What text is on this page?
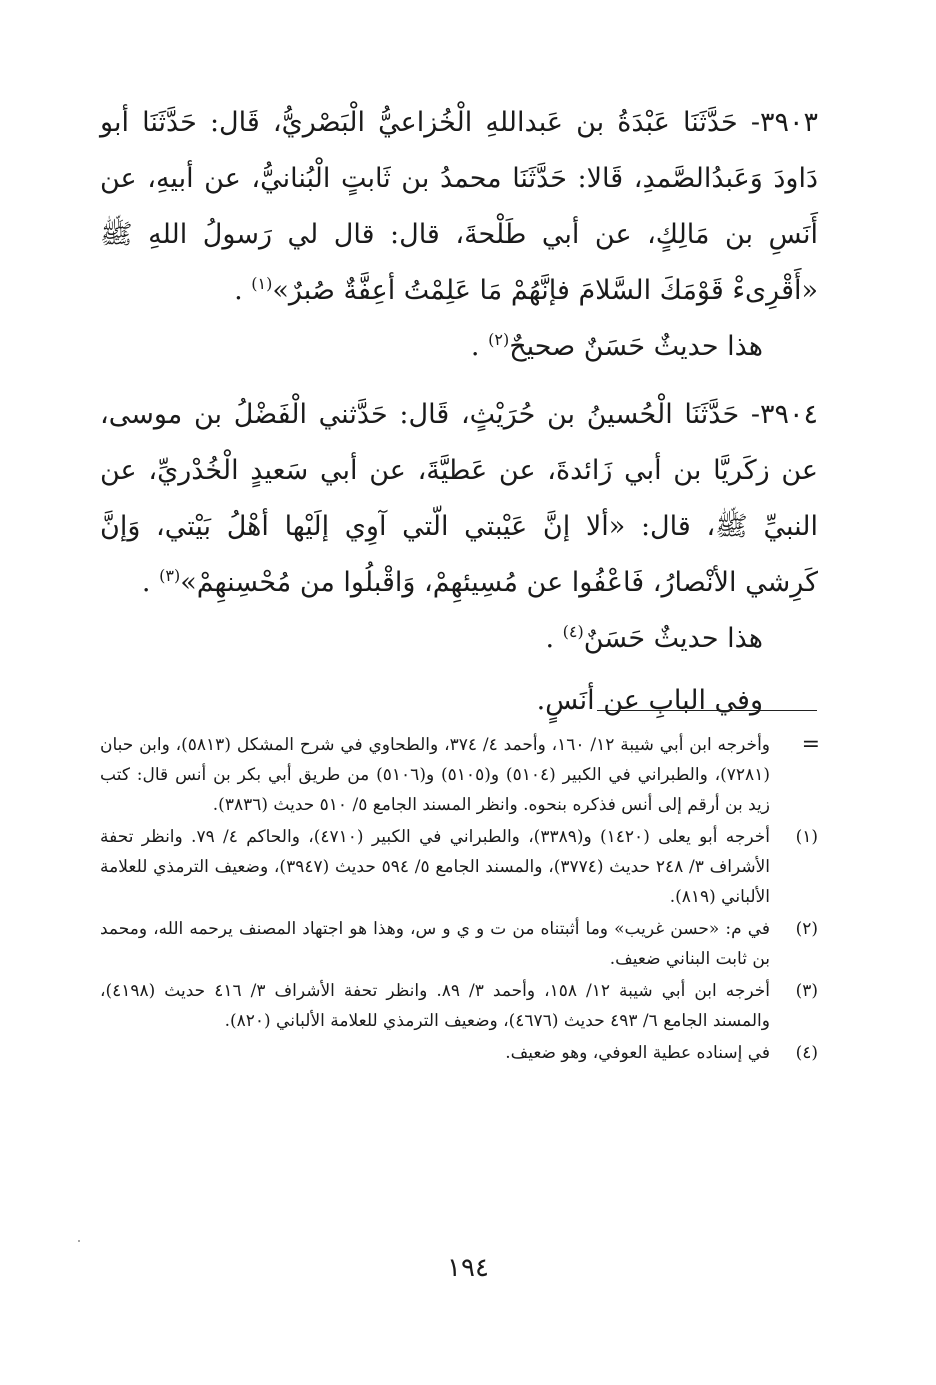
٣٩٠٣- حَدَّثَنَا عَبْدَةُ بن عَبداللهِ الْخُزاعيُّ الْبَصْريُّ، قَال: حَدَّثَنَا أبو دَاودَ وَعَبدُالصَّمدِ، قَالا: حَدَّثَنَا محمدُ بن ثَابتٍ الْبُنانيُّ، عن أبيهِ، عن أَنَسِ بن مَالِكٍ، عن أبي طَلْحةَ، قال: قال لي رَسولُ اللهِ ﷺ «أَقْرِىءْ قَوْمَكَ السَّلامَ فإنَّهُمْ مَا عَلِمْتُ أعِفَّةٌ صُبرٌ»$^{(١)}$ .

هذا حديثٌ حَسَنٌ صحيحٌ$^{(٢)}$ .

٣٩٠٤- حَدَّثَنَا الْحُسينُ بن حُرَيْثٍ، قَال: حَدَّثني الْفَضْلُ بن موسى، عن زكَريَّا بن أبي زَائدةَ، عن عَطيَّةَ، عن أبي سَعيدٍ الْخُدْريِّ، عن النبيِّ ﷺ، قال: «ألا إنَّ عَيْبتي الّتي آوِي إلَيْها أهْلُ بَيْتي، وَإنَّ كَرِشي الأنْصارُ، فَاعْفُوا عن مُسِيئهِمْ، وَاقْبلُوا من مُحْسِنهِمْ»$^{(٣)}$ .

هذا حديثٌ حَسَنٌ$^{(٤)}$ .

وفي البابِ عن أنَسٍ.

=
وأخرجه ابن أبي شيبة ١٢/ ١٦٠، وأحمد ٤/ ٣٧٤، والطحاوي في شرح المشكل (٥٨١٣)، وابن حبان (٧٢٨١)، والطبراني في الكبير (٥١٠٤) و(٥١٠٥) و(٥١٠٦) من طريق أبي بكر بن أنس قال: كتب زيد بن أرقم إلى أنس فذكره بنحوه. وانظر المسند الجامع ٥/ ٥١٠ حديث (٣٨٣٦).
(١)
أخرجه أبو يعلى (١٤٢٠) و(٣٣٨٩)، والطبراني في الكبير (٤٧١٠)، والحاكم ٤/ ٧٩. وانظر تحفة الأشراف ٣/ ٢٤٨ حديث (٣٧٧٤)، والمسند الجامع ٥/ ٥٩٤ حديث (٣٩٤٧)، وضعيف الترمذي للعلامة الألباني (٨١٩).
(٢)
في م: «حسن غريب» وما أثبتناه من ت و ي و س، وهذا هو اجتهاد المصنف يرحمه الله، ومحمد بن ثابت البناني ضعيف.
(٣)
أخرجه ابن أبي شيبة ١٢/ ١٥٨، وأحمد ٣/ ٨٩. وانظر تحفة الأشراف ٣/ ٤١٦ حديث (٤١٩٨)، والمسند الجامع ٦/ ٤٩٣ حديث (٤٦٧٦)، وضعيف الترمذي للعلامة الألباني (٨٢٠).
(٤)
في إسناده عطية العوفي، وهو ضعيف.
١٩٤
